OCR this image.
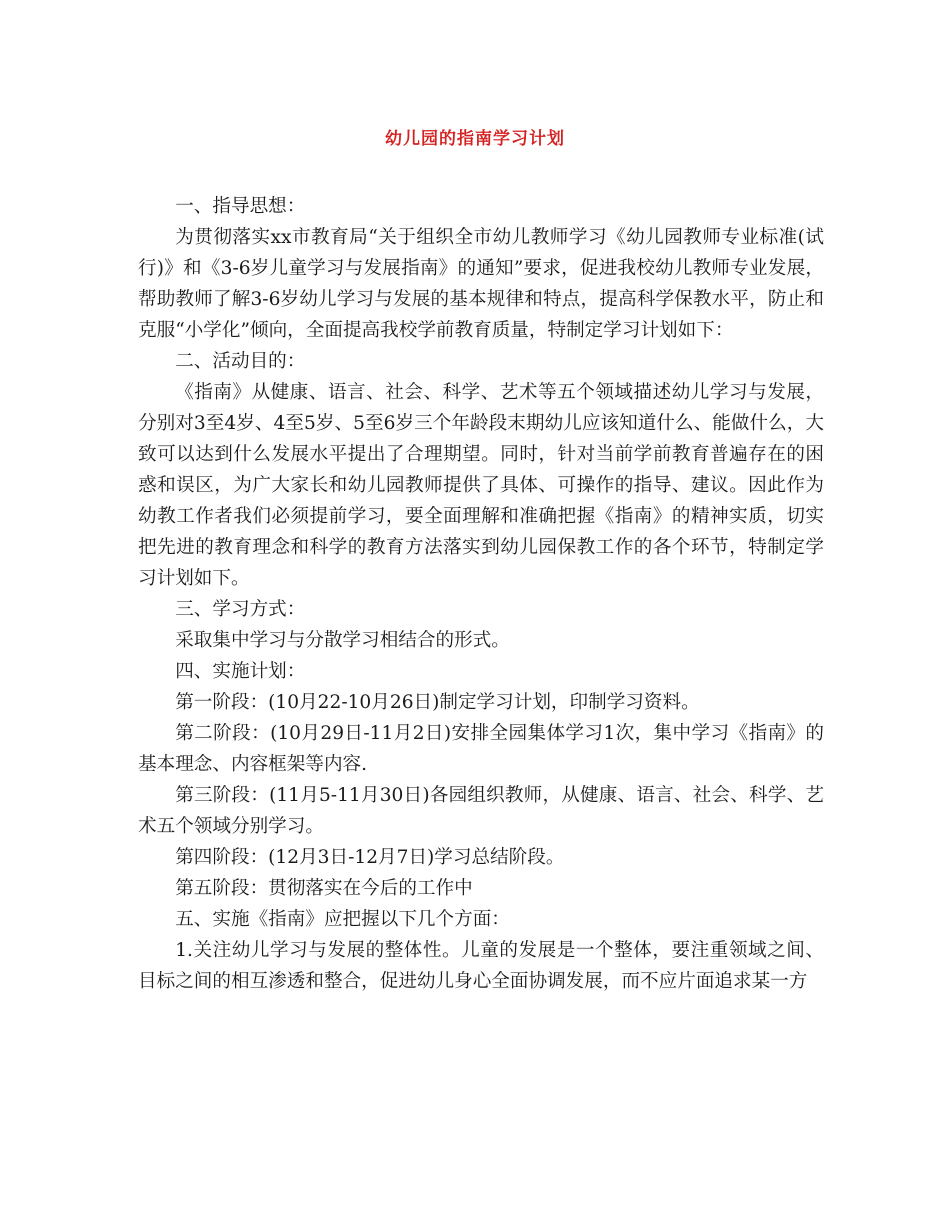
幼儿园的指南学习计划

一、指导思想：

为贯彻落实xx市教育局“关于组织全市幼儿教师学习《幼儿园教师专业标准(试行)》和《3-6岁儿童学习与发展指南》的通知”要求，促进我校幼儿教师专业发展，帮助教师了解3-6岁幼儿学习与发展的基本规律和特点，提高科学保教水平，防止和克服“小学化”倾向，全面提高我校学前教育质量，特制定学习计划如下：

二、活动目的：

《指南》从健康、语言、社会、科学、艺术等五个领域描述幼儿学习与发展，分别对3至4岁、4至5岁、5至6岁三个年龄段末期幼儿应该知道什么、能做什么，大致可以达到什么发展水平提出了合理期望。同时，针对当前学前教育普遍存在的困惑和误区，为广大家长和幼儿园教师提供了具体、可操作的指导、建议。因此作为幼教工作者我们必须提前学习，要全面理解和准确把握《指南》的精神实质，切实把先进的教育理念和科学的教育方法落实到幼儿园保教工作的各个环节，特制定学习计划如下。

三、学习方式：

采取集中学习与分散学习相结合的形式。

四、实施计划：

第一阶段：(10月22-10月26日)制定学习计划，印制学习资料。

第二阶段：(10月29日-11月2日)安排全园集体学习1次，集中学习《指南》的基本理念、内容框架等内容.

第三阶段：(11月5-11月30日)各园组织教师，从健康、语言、社会、科学、艺术五个领域分别学习。

第四阶段：(12月3日-12月7日)学习总结阶段。

第五阶段：贯彻落实在今后的工作中

五、实施《指南》应把握以下几个方面：

1.关注幼儿学习与发展的整体性。儿童的发展是一个整体，要注重领域之间、目标之间的相互渗透和整合，促进幼儿身心全面协调发展，而不应片面追求某一方
